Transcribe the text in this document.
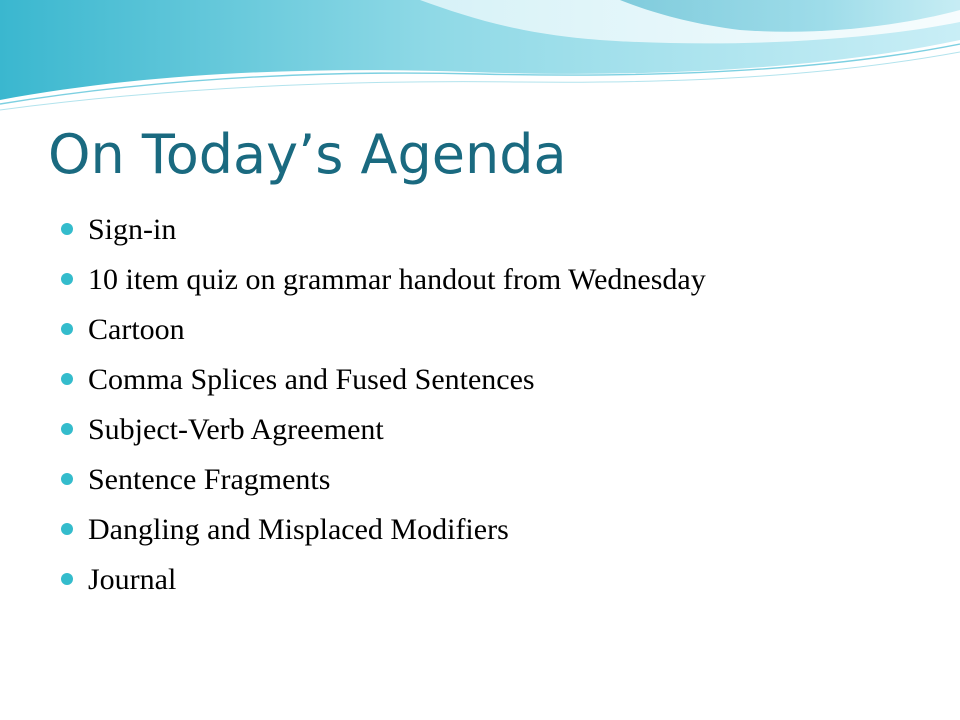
On Today’s Agenda
Sign-in
10 item quiz on grammar handout from Wednesday
Cartoon
Comma Splices and Fused Sentences
Subject-Verb Agreement
Sentence Fragments
Dangling and Misplaced Modifiers
Journal
